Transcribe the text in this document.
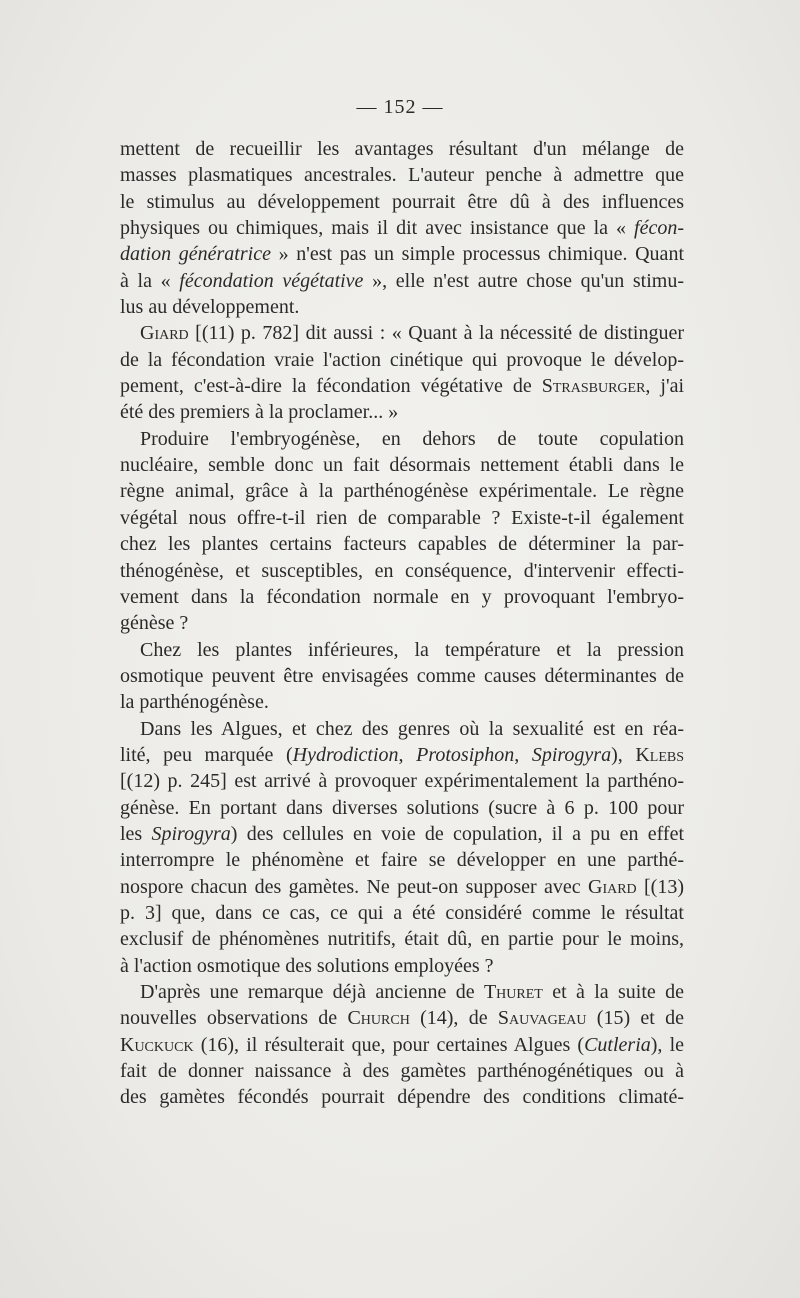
— 152 —
mettent de recueillir les avantages résultant d'un mélange de
masses plasmatiques ancestrales. L'auteur penche à admettre que
le stimulus au développement pourrait être dû à des influences
physiques ou chimiques, mais il dit avec insistance que la « fécon-
dation génératrice » n'est pas un simple processus chimique. Quant
à la « fécondation végétative », elle n'est autre chose qu'un stimu-
lus au développement.
Giard [(11) p. 782] dit aussi : « Quant à la nécessité de distinguer
de la fécondation vraie l'action cinétique qui provoque le dévelop-
pement, c'est-à-dire la fécondation végétative de Strasburger, j'ai
été des premiers à la proclamer... »
Produire l'embryogénèse, en dehors de toute copulation
nucléaire, semble donc un fait désormais nettement établi dans le
règne animal, grâce à la parthénogénèse expérimentale. Le règne
végétal nous offre-t-il rien de comparable ? Existe-t-il également
chez les plantes certains facteurs capables de déterminer la par-
thénogénèse, et susceptibles, en conséquence, d'intervenir effecti-
vement dans la fécondation normale en y provoquant l'embryo-
génèse ?
Chez les plantes inférieures, la température et la pression
osmotique peuvent être envisagées comme causes déterminantes de
la parthénogénèse.
Dans les Algues, et chez des genres où la sexualité est en réa-
lité, peu marquée (Hydrodiction, Protosiphon, Spirogyra), Klebs
[(12) p. 245] est arrivé à provoquer expérimentalement la parthéno-
génèse. En portant dans diverses solutions (sucre à 6 p. 100 pour
les Spirogyra) des cellules en voie de copulation, il a pu en effet
interrompre le phénomène et faire se développer en une parthé-
nospore chacun des gamètes. Ne peut-on supposer avec Giard [(13)
p. 3] que, dans ce cas, ce qui a été considéré comme le résultat
exclusif de phénomènes nutritifs, était dû, en partie pour le moins,
à l'action osmotique des solutions employées ?
D'après une remarque déjà ancienne de Thuret et à la suite de
nouvelles observations de Church (14), de Sauvageau (15) et de
Kuckuck (16), il résulterait que, pour certaines Algues (Cutleria), le
fait de donner naissance à des gamètes parthénogénétiques ou à
des gamètes fécondés pourrait dépendre des conditions climaté-
